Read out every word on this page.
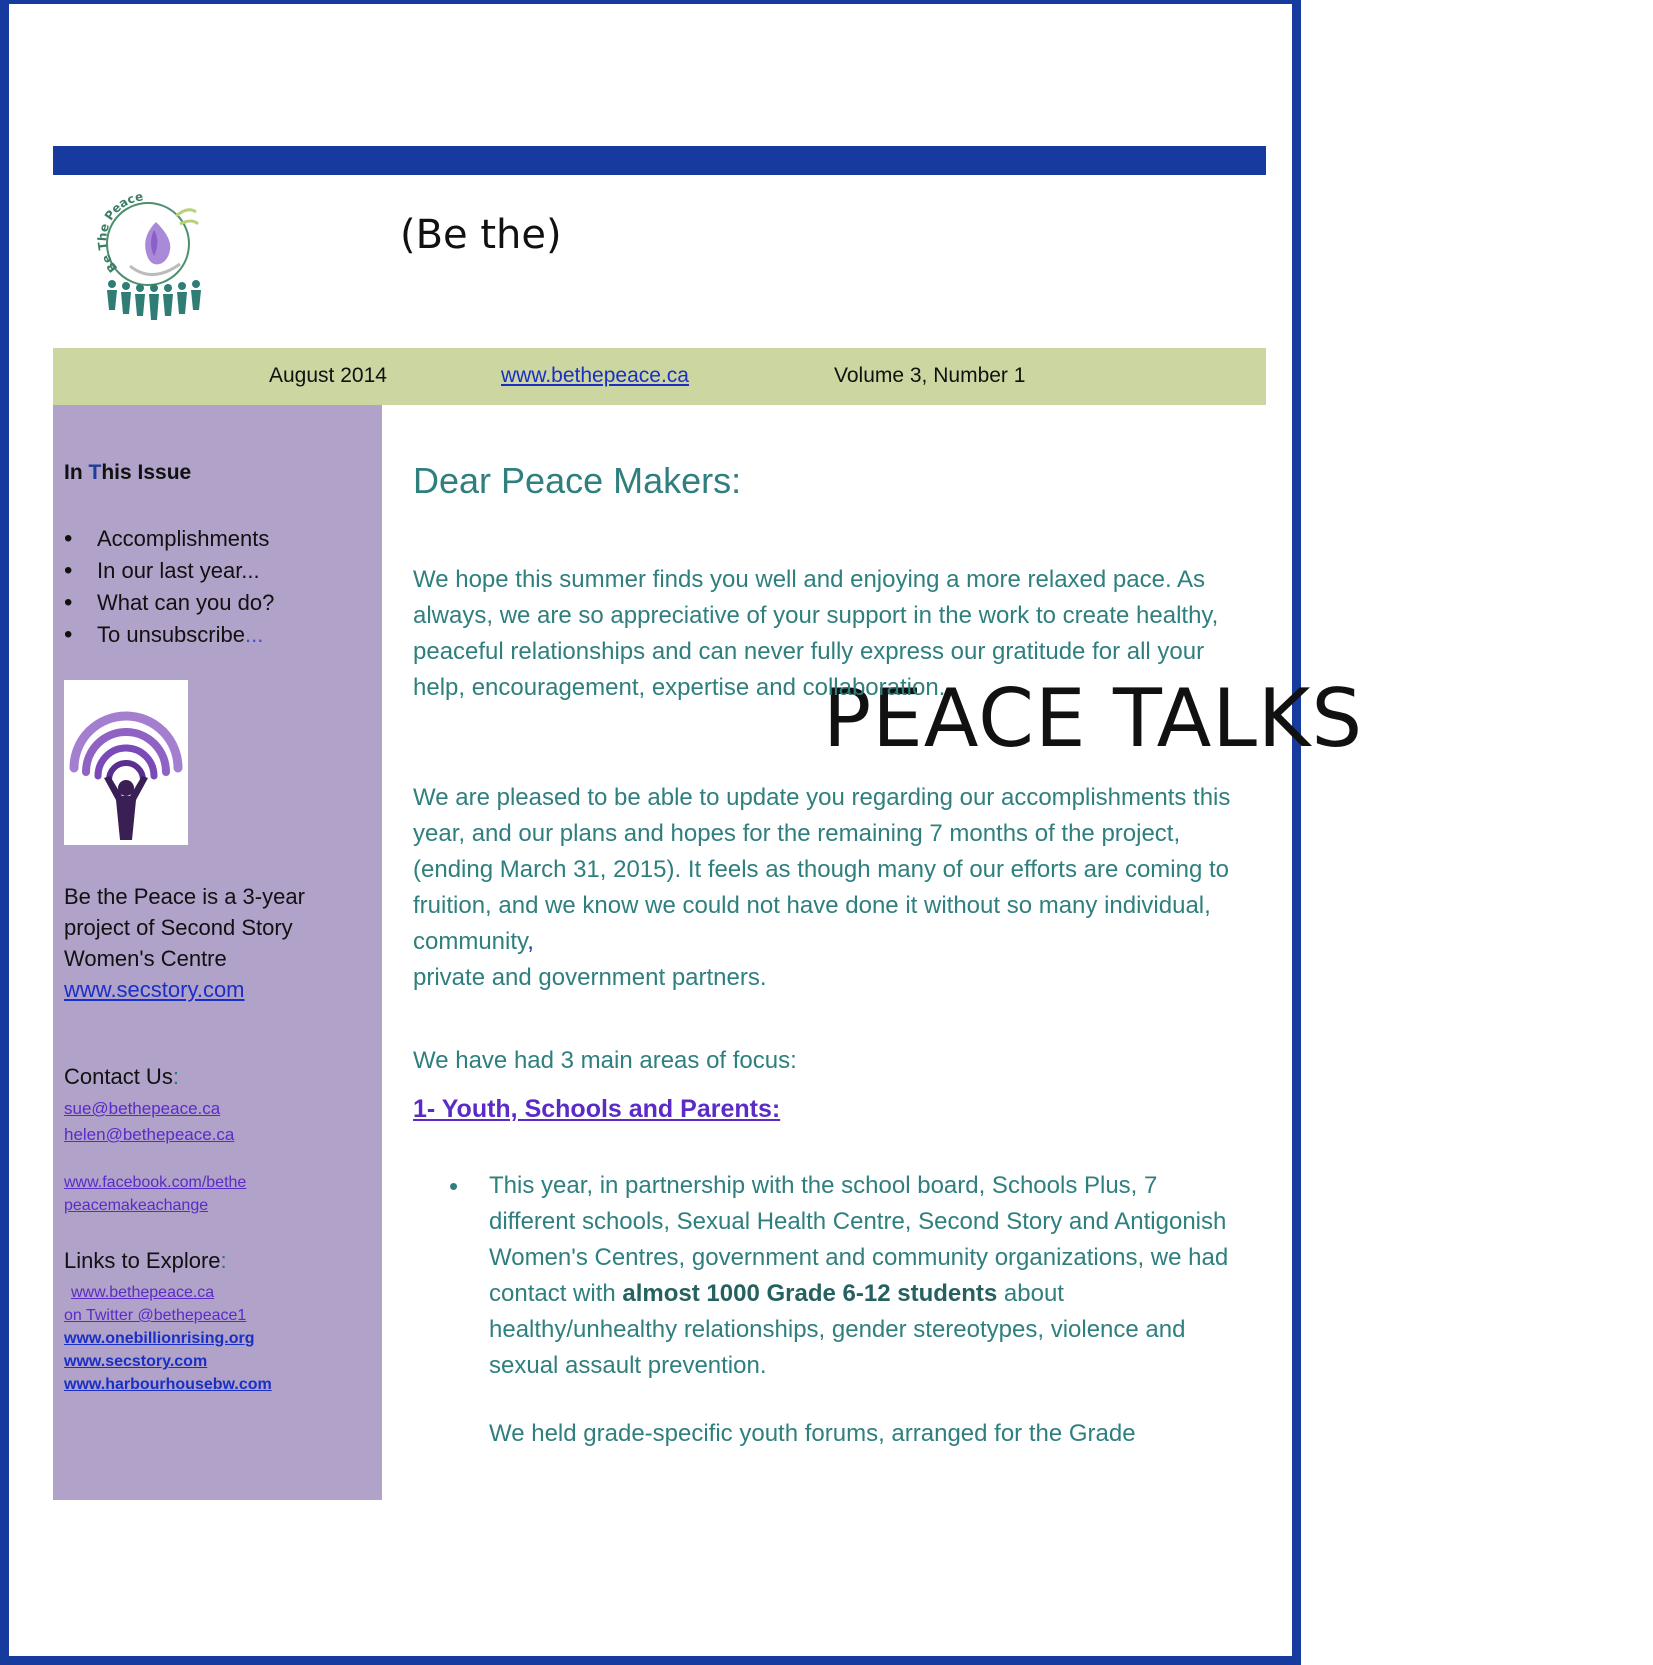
Be The Peace
(Be the)
PEACE TALKS
August 2014	www.bethepeace.ca	Volume 3, Number 1
In This Issue
• Accomplishments
• In our last year...
• What can you do?
• To unsubscribe...
Be the Peace is a 3-year project of Second Story Women's Centre
www.secstory.com
Contact Us:
sue@bethepeace.ca
helen@bethepeace.ca
www.facebook.com/bethe
peacemakeachange
Links to Explore:
www.bethepeace.ca
on Twitter @bethepeace1
www.onebillionrising.org
www.secstory.com
www.harbourhousebw.com
Dear Peace Makers:

We hope this summer finds you well and enjoying a more relaxed pace. As always, we are so appreciative of your support in the work to create healthy, peaceful relationships and can never fully express our gratitude for all your help, encouragement, expertise and collaboration.

We are pleased to be able to update you regarding our accomplishments this year, and our plans and hopes for the remaining 7 months of the project, (ending March 31, 2015). It feels as though many of our efforts are coming to fruition, and we know we could not have done it without so many individual, community,
private and government partners.

We have had 3 main areas of focus:

1- Youth, Schools and Parents:

• This year, in partnership with the school board, Schools Plus, 7 different schools, Sexual Health Centre, Second Story and Antigonish Women's Centres, government and community organizations, we had contact with almost 1000 Grade 6-12 students about healthy/unhealthy relationships, gender stereotypes, violence and sexual assault prevention.

We held grade-specific youth forums, arranged for the Grade
